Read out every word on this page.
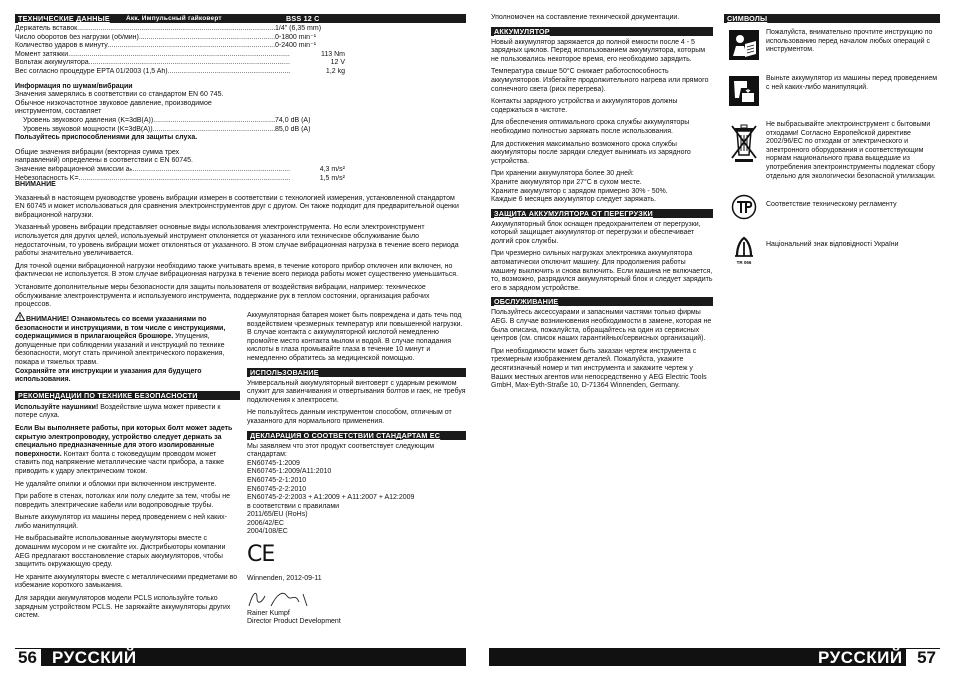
ТЕХНИЧЕСКИЕ ДАННЫЕ	Акк. Импульсный гайковерт	BSS 12 C
Держатель вставок .....	1/4" (6,35 mm)
Число оборотов без нагрузки (об/мин) .....	0-1800 min⁻¹
Количество ударов в минуту .....	0-2400 min⁻¹
Момент затяжки .....	113 Nm
Вольтаж аккумулятора .....	12 V
Вес согласно процедуре EPTA 01/2003 (1,5 Ah) .....	1,2 kg
Информация по шумам/вибрации
Значения замерялись в соответствии со стандартом EN 60 745. Обычное низкочастотное звуковое давление, производимое инструментом, составляет
Уровень звукового давления (K=3dB(A)) .....	74,0 dB (A)
Уровень звуковой мощности (K=3dB(A)) .....	85,0 dB (A)
Пользуйтесь приспособлениями для защиты слуха.
Общие значения вибрации (векторная сумма трех направлений) определены в соответствии с EN 60745.
Значение вибрационной эмиссии aₕ .....	4,3 m/s²
Небезопасность K= .....	1,5 m/s²
ВНИМАНИЕ

Указанный в настоящем руководстве уровень вибрации измерен в соответствии с технологией измерения, установленной стандартом EN 60745 и может использоваться для сравнения электроинструментов друг с другом. Он также подходит для предварительной оценки вибрационной нагрузки.

Указанный уровень вибрации представляет основные виды использования электроинструмента. Но если электроинструмент используется для других целей, используемый инструмент отклоняется от указанного или техническое обслуживание было недостаточным, то уровень вибрации может отклоняться от указанного. В этом случае вибрационная нагрузка в течение всего периода работы значительно увеличивается.

Для точной оценки вибрационной нагрузки необходимо также учитывать время, в течение которого прибор отключен или включен, но фактически не используется. В этом случае вибрационная нагрузка в течение всего периода работы может существенно уменьшиться.

Установите дополнительные меры безопасности для защиты пользователя от воздействия вибрации, например: техническое обслуживание электроинструмента и используемого инструмента, поддержание рук в теплом состоянии, организация рабочих процессов.

ВНИМАНИЕ! Ознакомьтесь со всеми указаниями по безопасности и инструкциями, в том числе с инструкциями, содержащимися в прилагающейся брошюре. Упущения, допущенные при соблюдении указаний и инструкций по технике безопасности, могут стать причиной электрического поражения, пожара и тяжелых травм.
Сохраняйте эти инструкции и указания для будущего использования.
РЕКОМЕНДАЦИИ ПО ТЕХНИКЕ БЕЗОПАСНОСТИ

Используйте наушники! Воздействие шума может привести к потере слуха.

Если Вы выполняете работы, при которых болт может задеть скрытую электропроводку, устройство следует держать за специально предназначенные для этого изолированные поверхности. Контакт болта с токоведущим проводом может ставить под напряжение металлические части прибора, а также приводить к удару электрическим током.

Не удаляйте опилки и обломки при включенном инструменте.

При работе в стенах, потолках или полу следите за тем, чтобы не повредить электрические кабели или водопроводные трубы.

Выньте аккумулятор из машины перед проведением с ней каких-либо манипуляций.

Не выбрасывайте использованные аккумуляторы вместе с домашним мусором и не сжигайте их. Дистрибьюторы компании AEG предлагают восстановление старых аккумуляторов, чтобы защитить окружающую среду.

Не храните аккумуляторы вместе с металлическими предметами во избежание короткого замыкания.

Для зарядки аккумуляторов модели PCLS используйте только зарядным устройством PCLS. Не заряжайте аккумуляторы других систем.

Аккумуляторная батарея может быть повреждена и дать течь под воздействием чрезмерных температур или повышенной нагрузки. В случае контакта с аккумуляторной кислотой немедленно промойте место контакта мылом и водой. В случае попадания кислоты в глаза промывайте глаза в течение 10 минут и немедленно обратитесь за медицинской помощью.

ИСПОЛЬЗОВАНИЕ

Универсальный аккумуляторный винтоверт с ударным режимом служит для завинчивания и отвертывания болтов и гаек, не требуя подключения к электросети.

Не пользуйтесь данным инструментом способом, отличным от указанного для нормального применения.

ДЕКЛАРАЦИЯ О СООТВЕТСТВИИ СТАНДАРТАМ ЕС
Мы заявляем что этот продукт соответствует следующим стандартам:
EN60745-1:2009
EN60745-1:2009/A11:2010
EN60745-2-1:2010
EN60745-2-2:2010
EN60745-2-2:2003 + A1:2009 + A11:2007 + A12:2009
в соответствии с правилами
2011/65/EU (RoHs)
2006/42/EC
2004/108/EC
CE
Winnenden, 2012-09-11
Rainer Kumpf
Director Product Development
56 РУССКИЙ

Уполномочен на составление технической документации.

АККУМУЛЯТОР

Новый аккумулятор заряжается до полной емкости после 4 - 5 зарядных циклов. Перед использованием аккумулятора, которым не пользовались некоторое время, его необходимо зарядить.

Температура свыше 50°C снижает работоспособность аккумуляторов. Избегайте продолжительного нагрева или прямого солнечного света (риск перегрева).

Контакты зарядного устройства и аккумуляторов должны содержаться в чистоте.

Для обеспечения оптимального срока службы аккумуляторы необходимо полностью заряжать после использования.

Для достижения максимально возможного срока службы аккумуляторы после зарядки следует вынимать из зарядного устройства.

При хранении аккумулятора более 30 дней:
Храните аккумулятор при 27°C в сухом месте.
Храните аккумулятор с зарядом примерно 30% - 50%.
Каждые 6 месяцев аккумулятор следует заряжать.

ЗАЩИТА АККУМУЛЯТОРА ОТ ПЕРЕГРУЗКИ

Аккумуляторный блок оснащен предохранителем от перегрузки, который защищает аккумулятор от перегрузки и обеспечивает долгий срок службы.

При чрезмерно сильных нагрузках электроника аккумулятора автоматически отключит машину. Для продолжения работы машину выключить и снова включить. Если машина не включается, то, возможно, разрядился аккумуляторный блок и следует зарядить его в зарядном устройстве.

ОБСЛУЖИВАНИЕ

Пользуйтесь аксессуарами и запасными частями только фирмы AEG. В случае возникновения необходимости в замене, которая не была описана, пожалуйста, обращайтесь на один из сервисных центров (см. список наших гарантийных/сервисных организаций).

При необходимости может быть заказан чертеж инструмента с трехмерным изображением деталей. Пожалуйста, укажите десятизначный номер и тип инструмента и закажите чертеж у Ваших местных агентов или непосредственно у AEG Electric Tools GmbH, Max-Eyth-Straße 10, D-71364 Winnenden, Germany.

СИМВОЛЫ
Пожалуйста, внимательно прочтите инструкцию по использованию перед началом любых операций с инструментом.
Выньте аккумулятор из машины перед проведением с ней каких-либо манипуляций.
Не выбрасывайте электроинструмент с бытовыми отходами! Согласно Европейской директиве 2002/96/EC по отходам от электрического и электронного оборудования и соответствующим нормам национального права выщедшие из употребления электроинструменты подлежат сбору отдельно для экологически безопасной утилизации.
Соответствие техническому регламенту
TR 066
Національний знак відповідності України
РУССКИЙ 57
